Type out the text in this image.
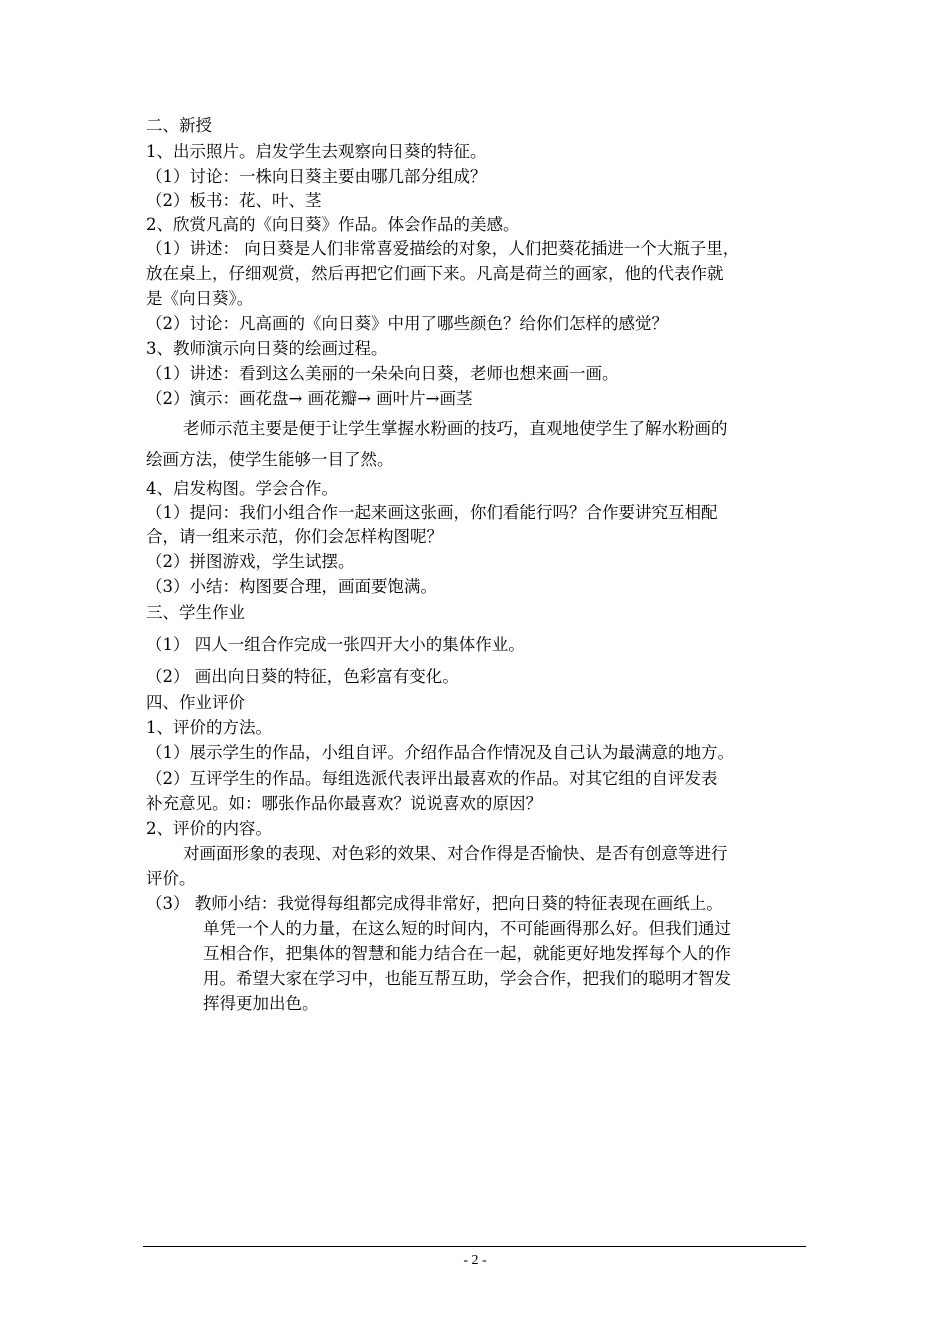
二、新授
1、出示照片。启发学生去观察向日葵的特征。
（1）讨论：一株向日葵主要由哪几部分组成？
（2）板书：花、叶、茎
2、欣赏凡高的《向日葵》作品。体会作品的美感。
（1）讲述： 向日葵是人们非常喜爱描绘的对象，人们把葵花插进一个大瓶子里，
放在桌上，仔细观赏，然后再把它们画下来。凡高是荷兰的画家，他的代表作就
是《向日葵》。
（2）讨论：凡高画的《向日葵》中用了哪些颜色？给你们怎样的感觉？
3、教师演示向日葵的绘画过程。
（1）讲述：看到这么美丽的一朵朵向日葵，老师也想来画一画。
（2）演示：画花盘→ 画花瓣→ 画叶片→画茎
老师示范主要是便于让学生掌握水粉画的技巧，直观地使学生了解水粉画的
绘画方法，使学生能够一目了然。
4、启发构图。学会合作。
（1）提问：我们小组合作一起来画这张画，你们看能行吗？合作要讲究互相配
合，请一组来示范，你们会怎样构图呢？
（2）拼图游戏，学生试摆。
（3）小结：构图要合理，画面要饱满。
三、学生作业
（1） 四人一组合作完成一张四开大小的集体作业。
（2） 画出向日葵的特征，色彩富有变化。
四、作业评价
1、评价的方法。
（1）展示学生的作品，小组自评。介绍作品合作情况及自己认为最满意的地方。
（2）互评学生的作品。每组选派代表评出最喜欢的作品。对其它组的自评发表
补充意见。如：哪张作品你最喜欢？说说喜欢的原因？
2、评价的内容。
对画面形象的表现、对色彩的效果、对合作得是否愉快、是否有创意等进行
评价。
（3） 教师小结：我觉得每组都完成得非常好，把向日葵的特征表现在画纸上。
单凭一个人的力量，在这么短的时间内，不可能画得那么好。但我们通过
互相合作，把集体的智慧和能力结合在一起，就能更好地发挥每个人的作
用。希望大家在学习中，也能互帮互助，学会合作，把我们的聪明才智发
挥得更加出色。
- 2 -
